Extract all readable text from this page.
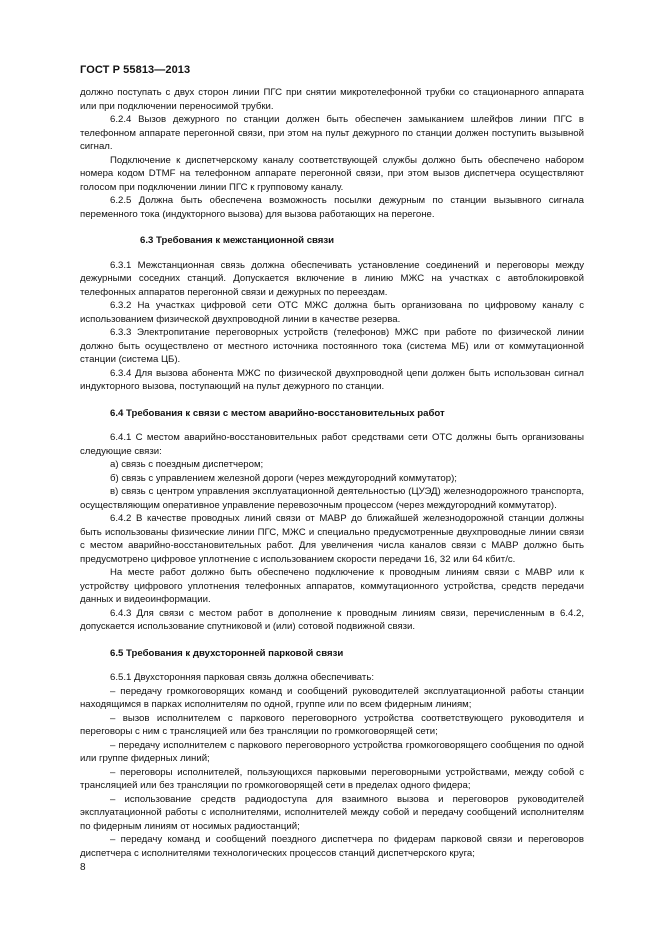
ГОСТ Р 55813—2013
должно поступать с двух сторон линии ПГС при снятии микротелефонной трубки со стационарного аппарата или при подключении переносимой трубки.
6.2.4 Вызов дежурного по станции должен быть обеспечен замыканием шлейфов линии ПГС в телефонном аппарате перегонной связи, при этом на пульт дежурного по станции должен поступить вызывной сигнал.
Подключение к диспетчерскому каналу соответствующей службы должно быть обеспечено набором номера кодом DTMF на телефонном аппарате перегонной связи, при этом вызов диспетчера осуществляют голосом при подключении линии ПГС к групповому каналу.
6.2.5 Должна быть обеспечена возможность посылки дежурным по станции вызывного сигнала переменного тока (индукторного вызова) для вызова работающих на перегоне.
6.3 Требования к межстанционной связи
6.3.1 Межстанционная связь должна обеспечивать установление соединений и переговоры между дежурными соседних станций. Допускается включение в линию МЖС на участках с автоблокировкой телефонных аппаратов перегонной связи и дежурных по переездам.
6.3.2 На участках цифровой сети ОТС МЖС должна быть организована по цифровому каналу с использованием физической двухпроводной линии в качестве резерва.
6.3.3 Электропитание переговорных устройств (телефонов) МЖС при работе по физической линии должно быть осуществлено от местного источника постоянного тока (система МБ) или от коммутационной станции (система ЦБ).
6.3.4 Для вызова абонента МЖС по физической двухпроводной цепи должен быть использован сигнал индукторного вызова, поступающий на пульт дежурного по станции.
6.4 Требования к связи с местом аварийно-восстановительных работ
6.4.1 С местом аварийно-восстановительных работ средствами сети ОТС должны быть организованы следующие связи:
а) связь с поездным диспетчером;
б) связь с управлением железной дороги (через междугородний коммутатор);
в) связь с центром управления эксплуатационной деятельностью (ЦУЭД) железнодорожного транспорта, осуществляющим оперативное управление перевозочным процессом (через междугородний коммутатор).
6.4.2 В качестве проводных линий связи от МАВР до ближайшей железнодорожной станции должны быть использованы физические линии ПГС, МЖС и специально предусмотренные двухпроводные линии связи с местом аварийно-восстановительных работ. Для увеличения числа каналов связи с МАВР должно быть предусмотрено цифровое уплотнение с использованием скорости передачи 16, 32 или 64 кбит/с.
На месте работ должно быть обеспечено подключение к проводным линиям связи с МАВР или к устройству цифрового уплотнения телефонных аппаратов, коммутационного устройства, средств передачи данных и видеоинформации.
6.4.3 Для связи с местом работ в дополнение к проводным линиям связи, перечисленным в 6.4.2, допускается использование спутниковой и (или) сотовой подвижной связи.
6.5 Требования к двухсторонней парковой связи
6.5.1 Двухсторонняя парковая связь должна обеспечивать:
– передачу громкоговорящих команд и сообщений руководителей эксплуатационной работы станции находящимся в парках исполнителям по одной, группе или по всем фидерным линиям;
– вызов исполнителем с паркового переговорного устройства соответствующего руководителя и переговоры с ним с трансляцией или без трансляции по громкоговорящей сети;
– передачу исполнителем с паркового переговорного устройства громкоговорящего сообщения по одной или группе фидерных линий;
– переговоры исполнителей, пользующихся парковыми переговорными устройствами, между собой с трансляцией или без трансляции по громкоговорящей сети в пределах одного фидера;
– использование средств радиодоступа для взаимного вызова и переговоров руководителей эксплуатационной работы с исполнителями, исполнителей между собой и передачу сообщений исполнителям по фидерным линиям от носимых радиостанций;
– передачу команд и сообщений поездного диспетчера по фидерам парковой связи и переговоров диспетчера с исполнителями технологических процессов станций диспетчерского круга;
8
